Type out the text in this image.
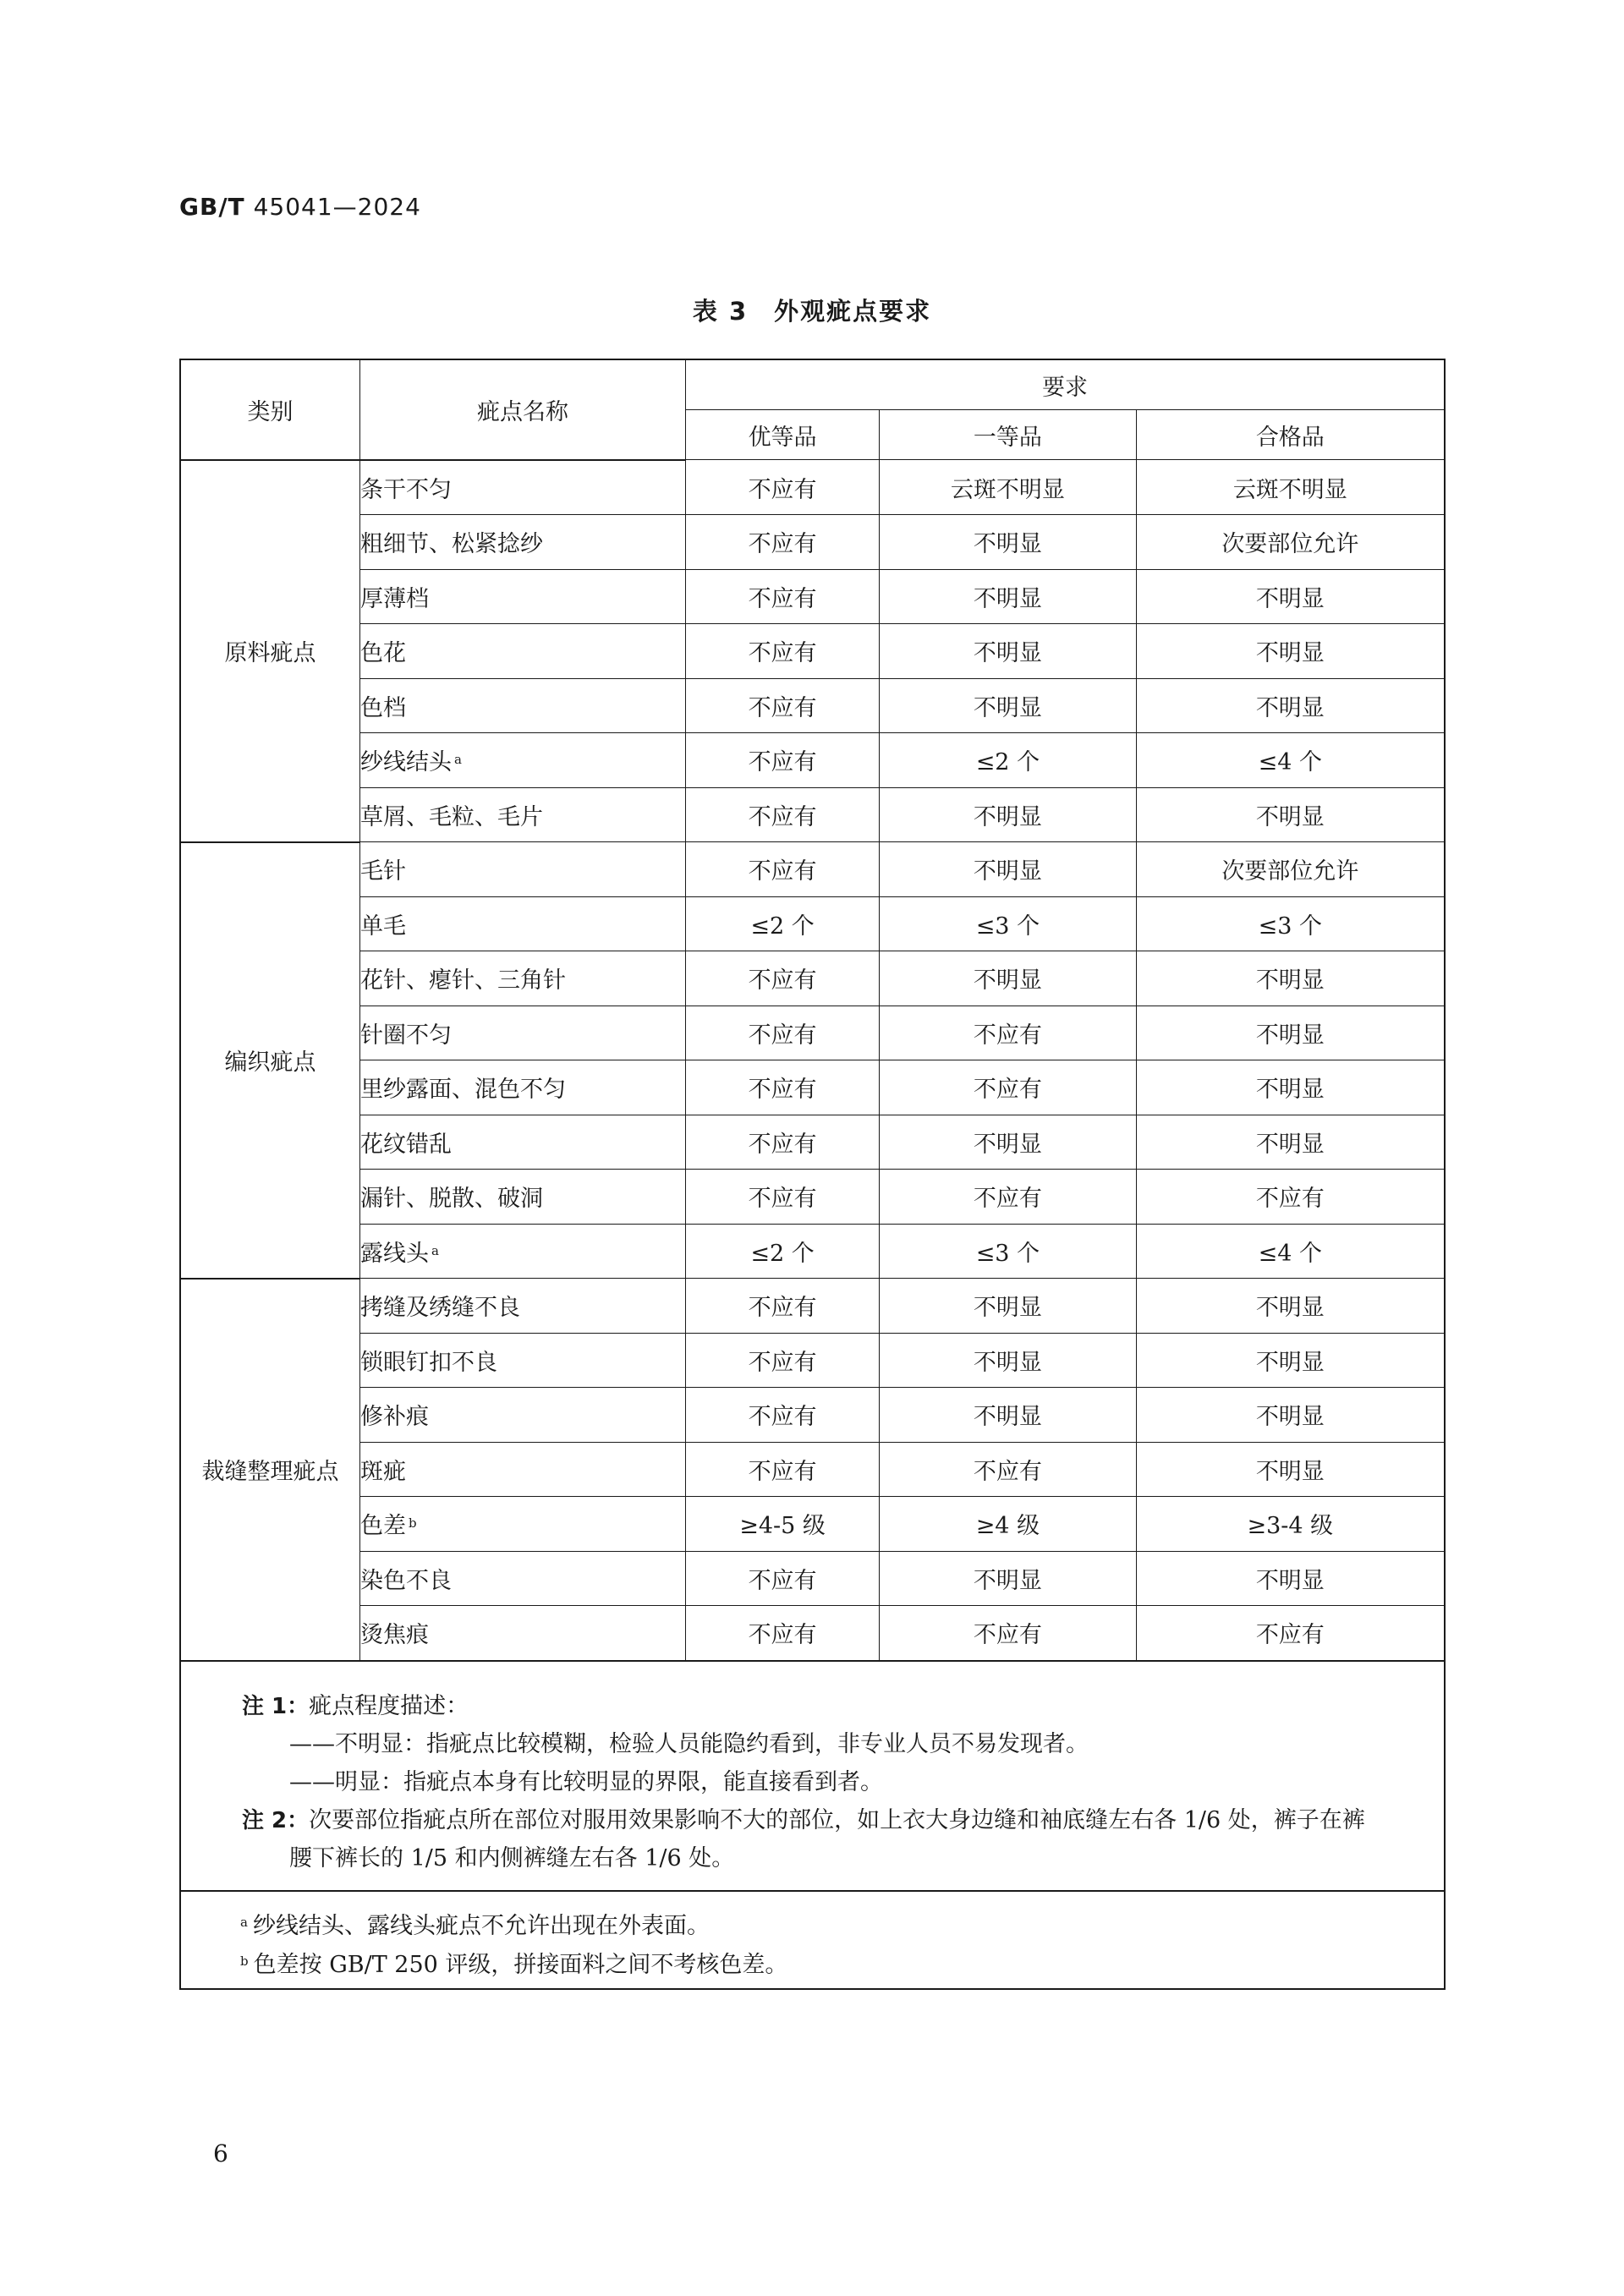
GB/T 45041—2024
表 3　外观疵点要求
类别	疵点名称	要求		
		优等品	一等品	合格品
原料疵点	条干不匀	不应有	云斑不明显	云斑不明显
	粗细节、松紧捻纱	不应有	不明显	次要部位允许
	厚薄档	不应有	不明显	不明显
	色花	不应有	不明显	不明显
	色档	不应有	不明显	不明显
	纱线结头 $^a$	不应有	≤2 个	≤4 个
	草屑、毛粒、毛片	不应有	不明显	不明显
编织疵点	毛针	不应有	不明显	次要部位允许
	单毛	≤2 个	≤3 个	≤3 个
	花针、瘪针、三角针	不应有	不明显	不明显
	针圈不匀	不应有	不应有	不明显
	里纱露面、混色不匀	不应有	不应有	不明显
	花纹错乱	不应有	不明显	不明显
	漏针、脱散、破洞	不应有	不应有	不应有
	露线头 $^a$	≤2 个	≤3 个	≤4 个
裁缝整理疵点	拷缝及绣缝不良	不应有	不明显	不明显
	锁眼钉扣不良	不应有	不明显	不明显
	修补痕	不应有	不明显	不明显
	斑疵	不应有	不应有	不明显
	色差 $^b$	≥4-5 级	≥4 级	≥3-4 级
	染色不良	不应有	不明显	不明显
	烫焦痕	不应有	不应有	不应有
注 1：疵点程度描述：
——不明显：指疵点比较模糊，检验人员能隐约看到，非专业人员不易发现者。
——明显：指疵点本身有比较明显的界限，能直接看到者。
注 2：次要部位指疵点所在部位对服用效果影响不大的部位，如上衣大身边缝和袖底缝左右各 1/6 处，裤子在裤
腰下裤长的 1/5 和内侧裤缝左右各 1/6 处。
$^a$ 纱线结头、露线头疵点不允许出现在外表面。
$^b$ 色差按 GB/T 250 评级，拼接面料之间不考核色差。
6
